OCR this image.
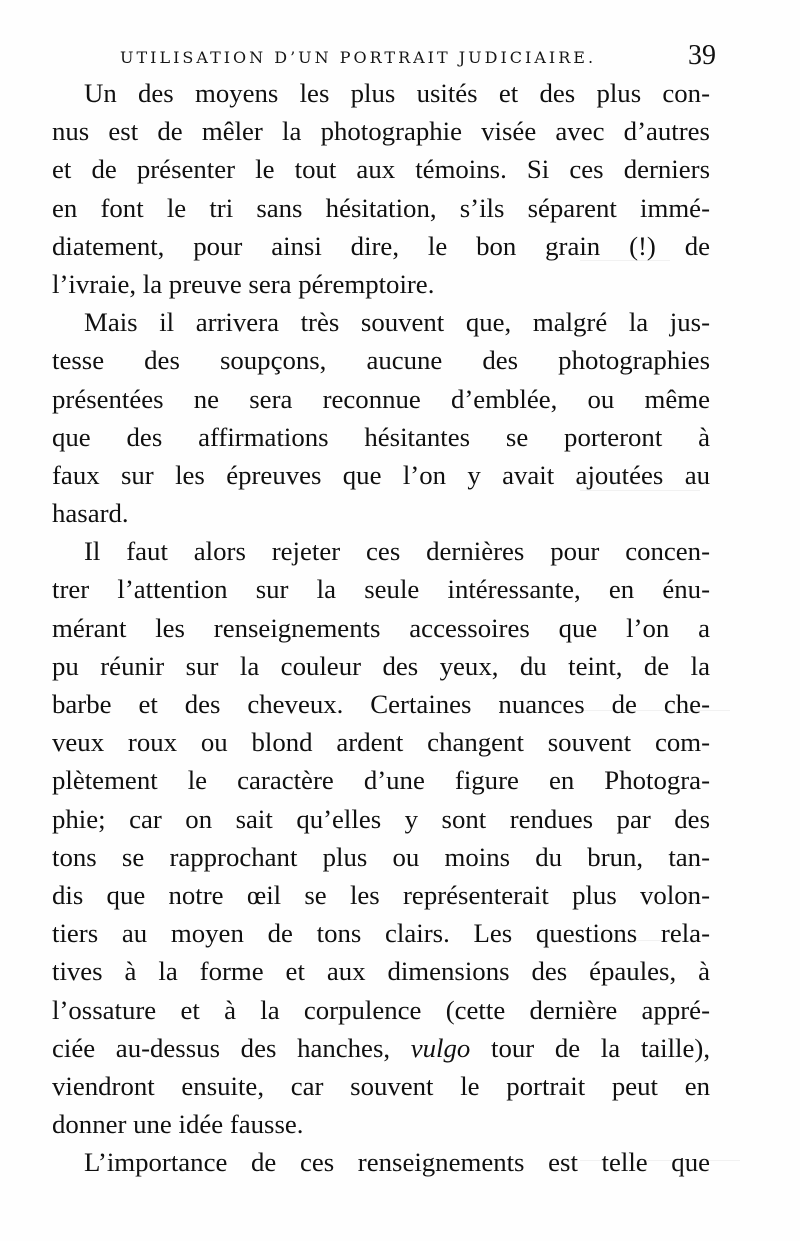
UTILISATION D’UN PORTRAIT JUDICIAIRE.	39

Un des moyens les plus usités et des plus con-
nus est de mêler la photographie visée avec d’autres
et de présenter le tout aux témoins. Si ces derniers
en font le tri sans hésitation, s’ils séparent immé-
diatement, pour ainsi dire, le bon grain (!) de
l’ivraie, la preuve sera péremptoire.

Mais il arrivera très souvent que, malgré la jus-
tesse des soupçons, aucune des photographies
présentées ne sera reconnue d’emblée, ou même
que des affirmations hésitantes se porteront à
faux sur les épreuves que l’on y avait ajoutées au
hasard.

Il faut alors rejeter ces dernières pour concen-
trer l’attention sur la seule intéressante, en énu-
mérant les renseignements accessoires que l’on a
pu réunir sur la couleur des yeux, du teint, de la
barbe et des cheveux. Certaines nuances de che-
veux roux ou blond ardent changent souvent com-
plètement le caractère d’une figure en Photogra-
phie; car on sait qu’elles y sont rendues par des
tons se rapprochant plus ou moins du brun, tan-
dis que notre œil se les représenterait plus volon-
tiers au moyen de tons clairs. Les questions rela-
tives à la forme et aux dimensions des épaules, à
l’ossature et à la corpulence (cette dernière appré-
ciée au-dessus des hanches, vulgo tour de la taille),
viendront ensuite, car souvent le portrait peut en
donner une idée fausse.

L’importance de ces renseignements est telle que
